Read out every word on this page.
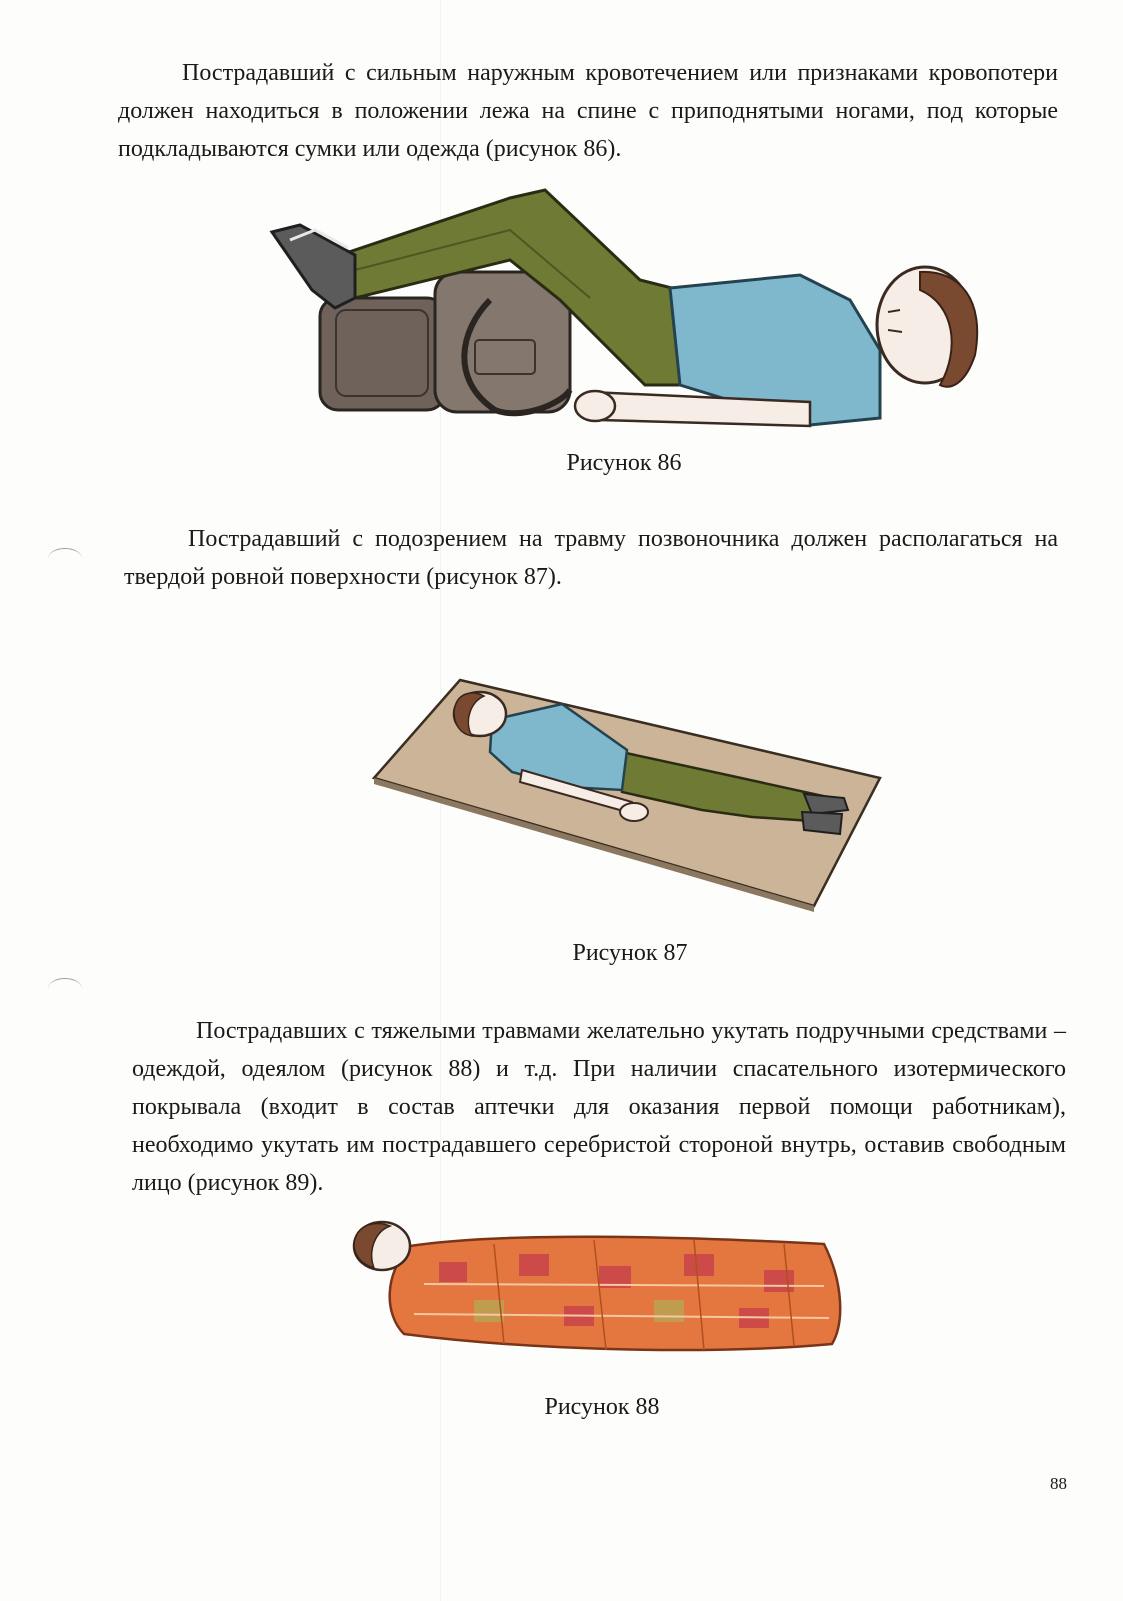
Пострадавший с сильным наружным кровотечением или признаками кровопотери должен находиться в положении лежа на спине с приподнятыми ногами, под которые подкладываются сумки или одежда (рисунок 86).

Рисунок 86

Пострадавший с подозрением на травму позвоночника должен располагаться на твердой ровной поверхности (рисунок 87).

Рисунок 87

Пострадавших с тяжелыми травмами желательно укутать подручными средствами – одеждой, одеялом (рисунок 88) и т.д. При наличии спасательного изотермического покрывала (входит в состав аптечки для оказания первой помощи работникам), необходимо укутать им пострадавшего серебристой стороной внутрь, оставив свободным лицо (рисунок 89).

Рисунок 88
88
